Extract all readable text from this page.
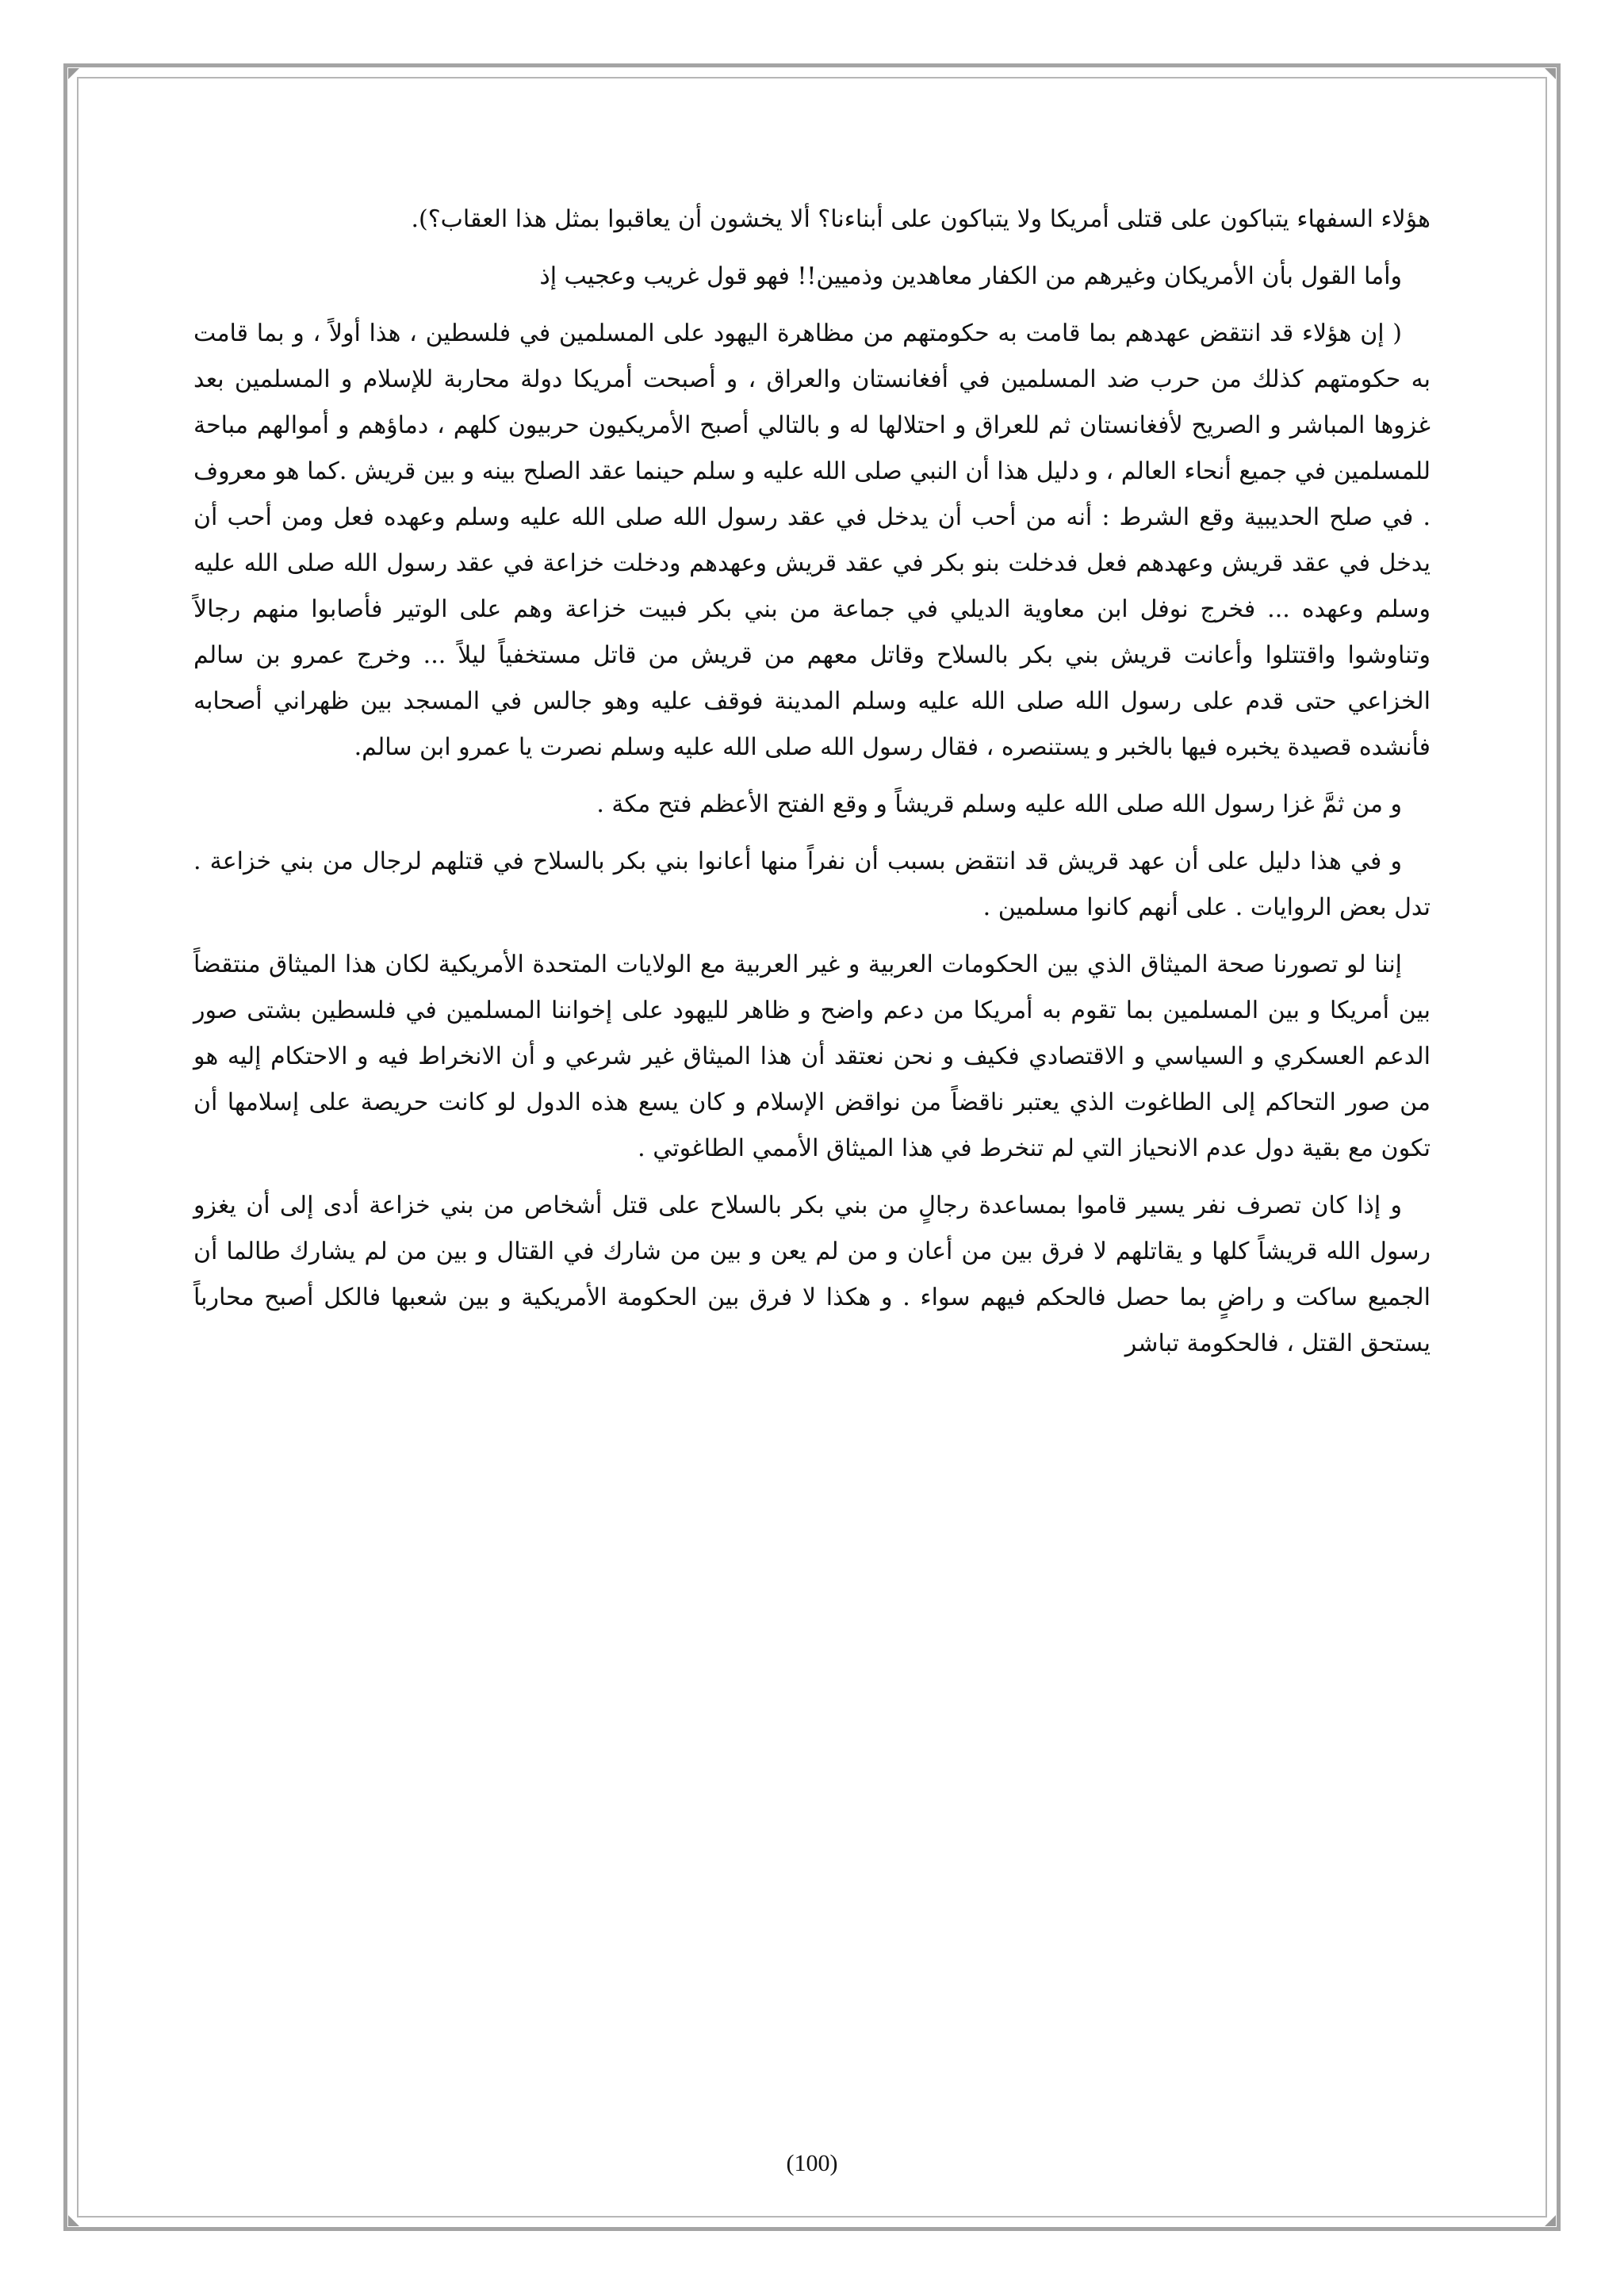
هؤلاء السفهاء يتباكون على قتلى أمريكا ولا يتباكون على أبناءنا؟ ألا يخشون أن يعاقبوا بمثل هذا العقاب؟).

وأما القول بأن الأمريكان وغيرهم من الكفار معاهدين وذميين!! فهو قول غريب وعجيب إذ

( إن هؤلاء قد انتقض عهدهم بما قامت به حكومتهم من مظاهرة اليهود على المسلمين في فلسطين ، هذا أولاً ، و بما قامت به حكومتهم كذلك من حرب ضد المسلمين في أفغانستان والعراق ، و أصبحت أمريكا دولة محاربة للإسلام و المسلمين بعد غزوها المباشر و الصريح لأفغانستان ثم للعراق و احتلالها له و بالتالي أصبح الأمريكيون حربيون كلهم ، دماؤهم و أموالهم مباحة للمسلمين في جميع أنحاء العالم ، و دليل هذا أن النبي صلى الله عليه و سلم حينما عقد الصلح بينه و بين قريش .كما هو معروف . في صلح الحديبية وقع الشرط : أنه من أحب أن يدخل في عقد رسول الله صلى الله عليه وسلم وعهده فعل ومن أحب أن يدخل في عقد قريش وعهدهم فعل فدخلت بنو بكر في عقد قريش وعهدهم ودخلت خزاعة في عقد رسول الله صلى الله عليه وسلم وعهده ... فخرج نوفل ابن معاوية الديلي في جماعة من بني بكر فبيت خزاعة وهم على الوتير فأصابوا منهم رجالاً وتناوشوا واقتتلوا وأعانت قريش بني بكر بالسلاح وقاتل معهم من قريش من قاتل مستخفياً ليلاً ... وخرج عمرو بن سالم الخزاعي حتى قدم على رسول الله صلى الله عليه وسلم المدينة فوقف عليه وهو جالس في المسجد بين ظهراني أصحابه فأنشده قصيدة يخبره فيها بالخبر و يستنصره ، فقال رسول الله صلى الله عليه وسلم نصرت يا عمرو ابن سالم.

و من ثمَّ غزا رسول الله صلى الله عليه وسلم قريشاً و وقع الفتح الأعظم فتح مكة .

و في هذا دليل على أن عهد قريش قد انتقض بسبب أن نفراً منها أعانوا بني بكر بالسلاح في قتلهم لرجال من بني خزاعة . تدل بعض الروايات . على أنهم كانوا مسلمين .

إننا لو تصورنا صحة الميثاق الذي بين الحكومات العربية و غير العربية مع الولايات المتحدة الأمريكية لكان هذا الميثاق منتقضاً بين أمريكا و بين المسلمين بما تقوم به أمريكا من دعم واضح و ظاهر لليهود على إخواننا المسلمين في فلسطين بشتى صور الدعم العسكري و السياسي و الاقتصادي فكيف و نحن نعتقد أن هذا الميثاق غير شرعي و أن الانخراط فيه و الاحتكام إليه هو من صور التحاكم إلى الطاغوت الذي يعتبر ناقضاً من نواقض الإسلام و كان يسع هذه الدول لو كانت حريصة على إسلامها أن تكون مع بقية دول عدم الانحياز التي لم تنخرط في هذا الميثاق الأممي الطاغوتي .

و إذا كان تصرف نفر يسير قاموا بمساعدة رجالٍ من بني بكر بالسلاح على قتل أشخاص من بني خزاعة أدى إلى أن يغزو رسول الله قريشاً كلها و يقاتلهم لا فرق بين من أعان و من لم يعن و بين من شارك في القتال و بين من لم يشارك طالما أن الجميع ساكت و راضٍ بما حصل فالحكم فيهم سواء . و هكذا لا فرق بين الحكومة الأمريكية و بين شعبها فالكل أصبح محارباً يستحق القتل ، فالحكومة تباشر

(100)
